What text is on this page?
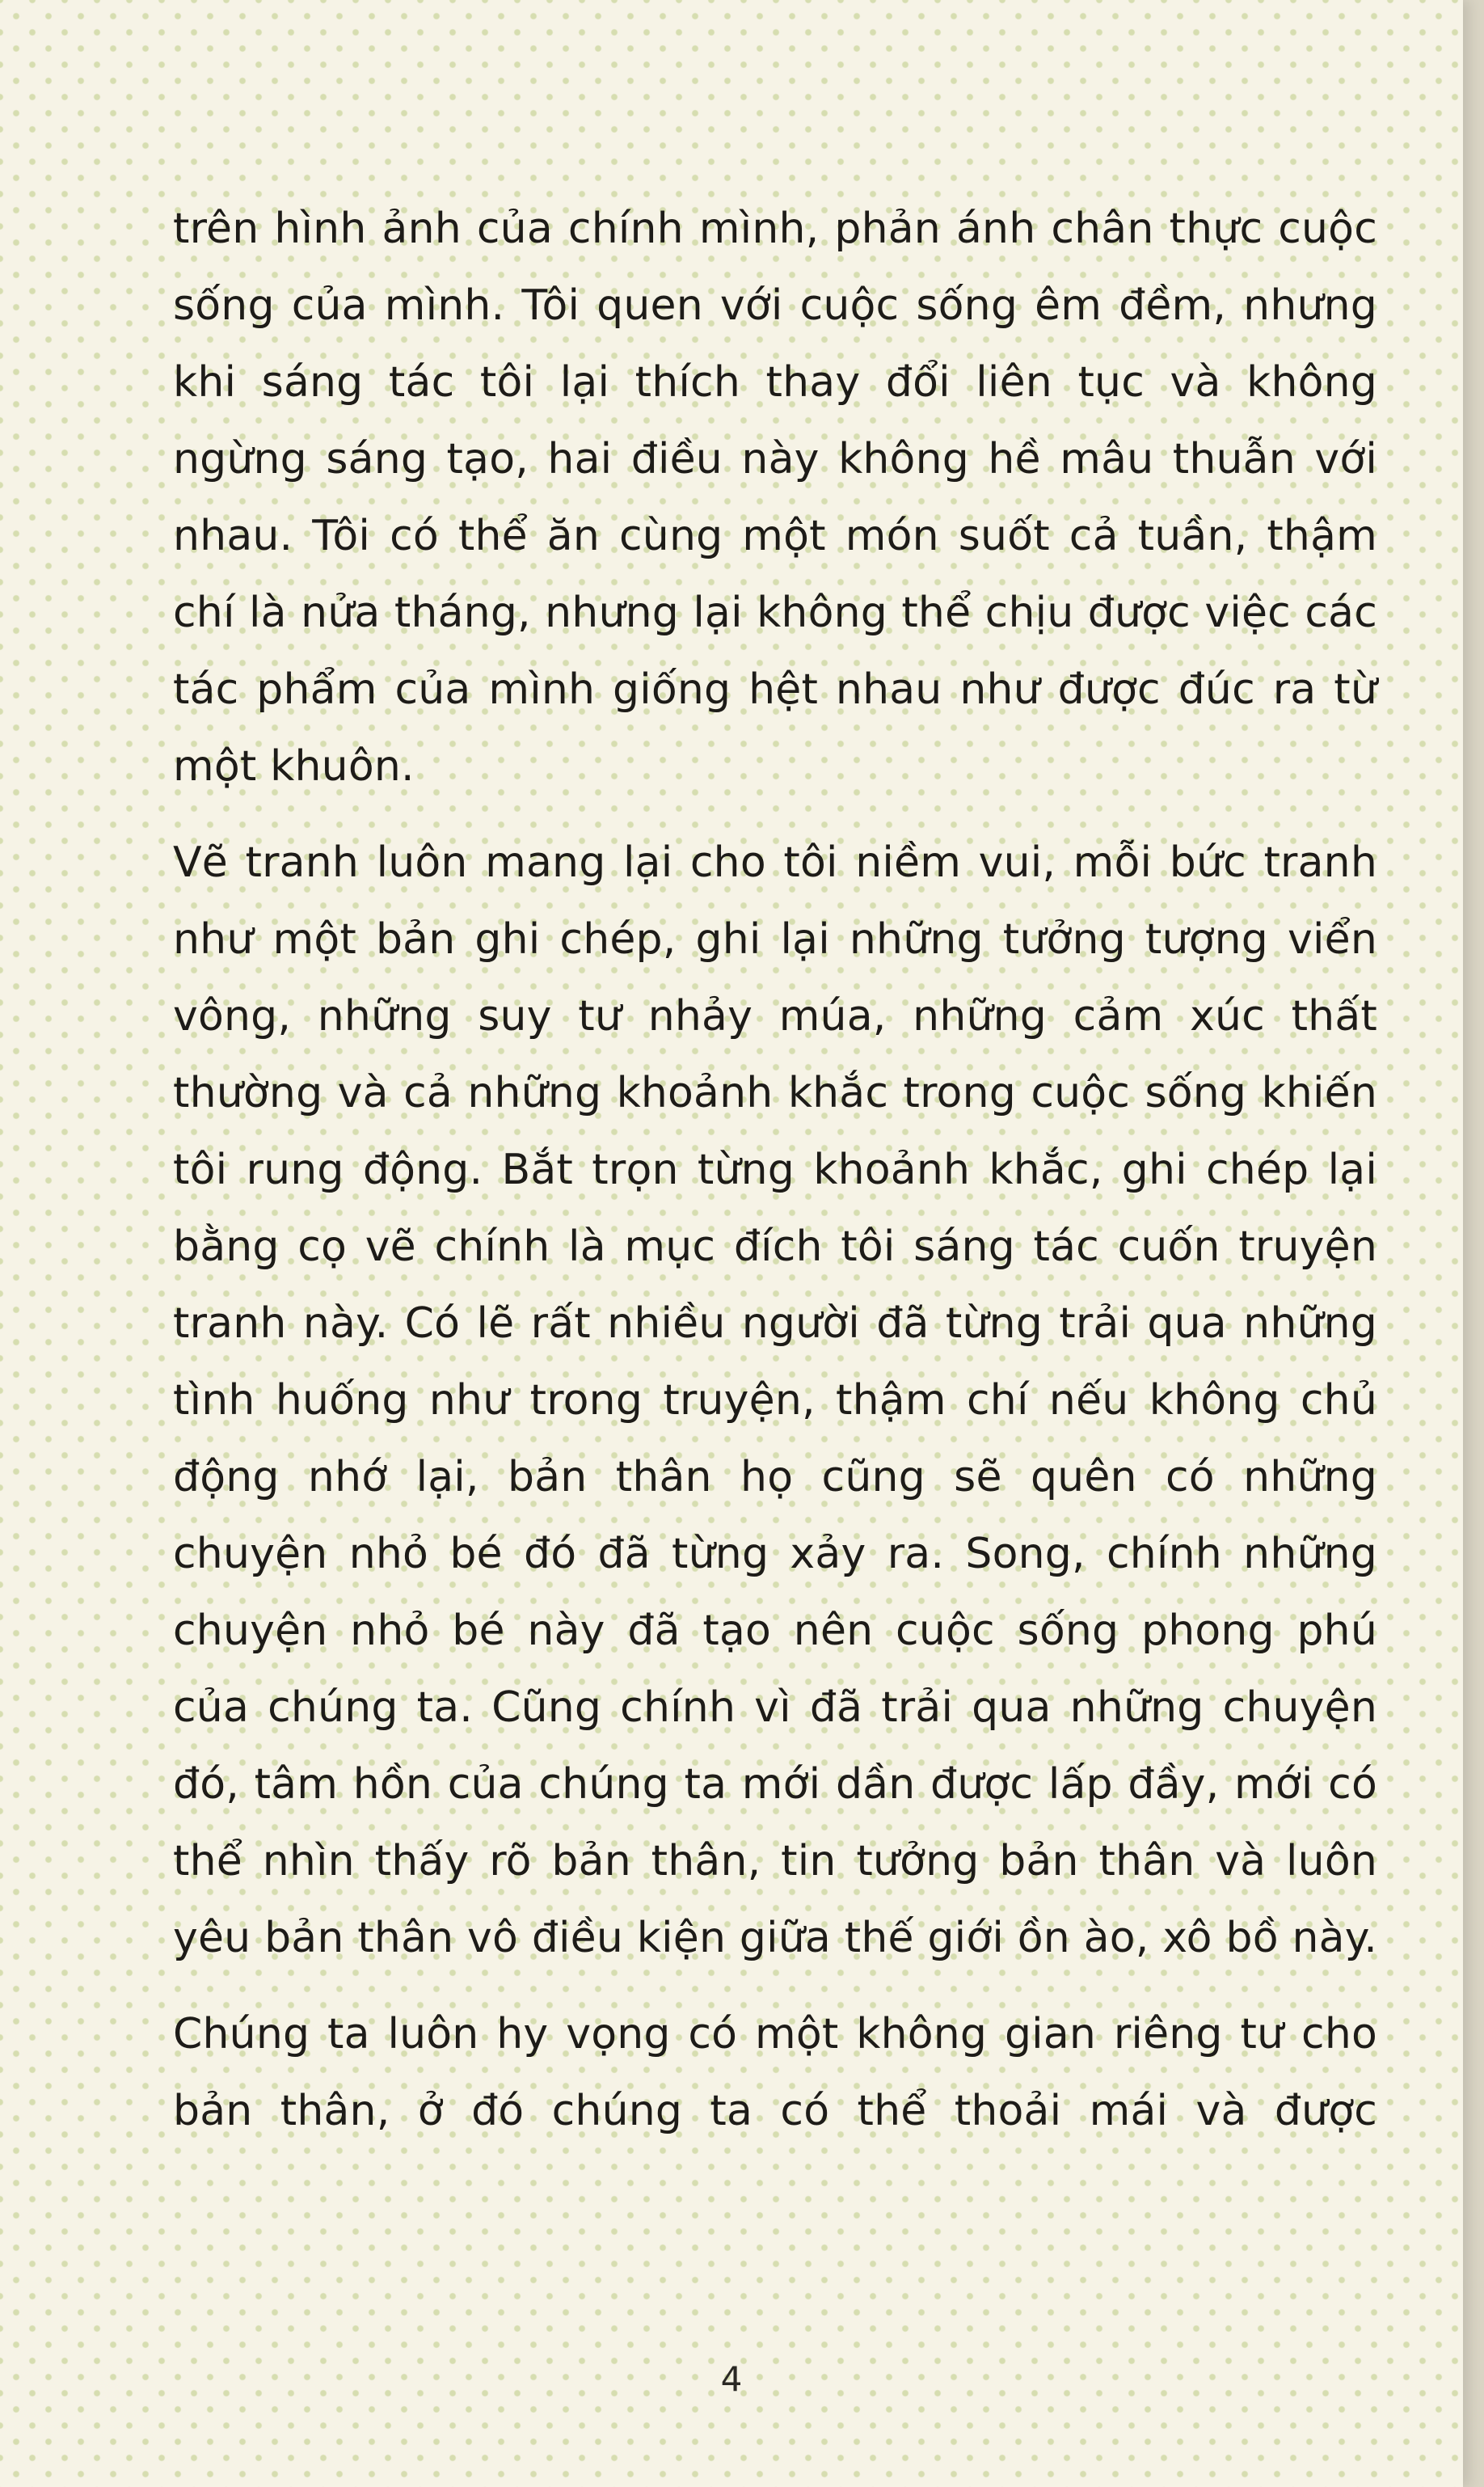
trên hình ảnh của chính mình, phản ánh chân thực cuộc sống của mình. Tôi quen với cuộc sống êm đềm, nhưng khi sáng tác tôi lại thích thay đổi liên tục và không ngừng sáng tạo, hai điều này không hề mâu thuẫn với nhau. Tôi có thể ăn cùng một món suốt cả tuần, thậm chí là nửa tháng, nhưng lại không thể chịu được việc các tác phẩm của mình giống hệt nhau như được đúc ra từ một khuôn.

Vẽ tranh luôn mang lại cho tôi niềm vui, mỗi bức tranh như một bản ghi chép, ghi lại những tưởng tượng viển vông, những suy tư nhảy múa, những cảm xúc thất thường và cả những khoảnh khắc trong cuộc sống khiến tôi rung động. Bắt trọn từng khoảnh khắc, ghi chép lại bằng cọ vẽ chính là mục đích tôi sáng tác cuốn truyện tranh này. Có lẽ rất nhiều người đã từng trải qua những tình huống như trong truyện, thậm chí nếu không chủ động nhớ lại, bản thân họ cũng sẽ quên có những chuyện nhỏ bé đó đã từng xảy ra. Song, chính những chuyện nhỏ bé này đã tạo nên cuộc sống phong phú của chúng ta. Cũng chính vì đã trải qua những chuyện đó, tâm hồn của chúng ta mới dần được lấp đầy, mới có thể nhìn thấy rõ bản thân, tin tưởng bản thân và luôn yêu bản thân vô điều kiện giữa thế giới ồn ào, xô bồ này.

Chúng ta luôn hy vọng có một không gian riêng tư cho bản thân, ở đó chúng ta có thể thoải mái và được

4
